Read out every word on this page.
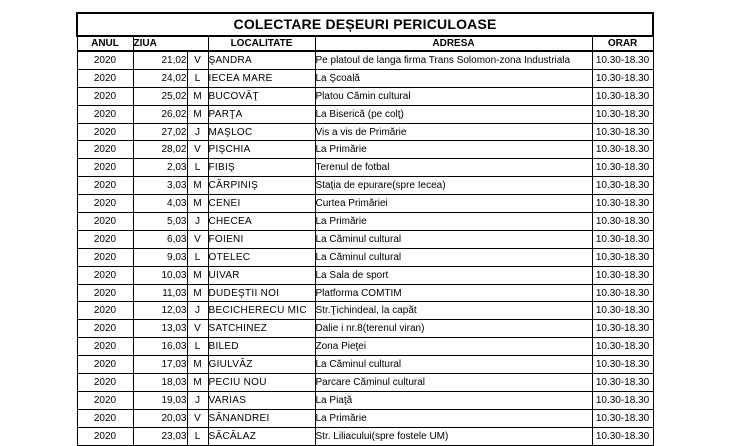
COLECTARE DEȘEURI PERICULOASE					
ANUL	ZIUA		LOCALITATE	ADRESA	ORAR
2020	21,02	V	ŞANDRA	Pe platoul de langa firma Trans Solomon-zona Industriala	10.30-18.30
2020	24,02	L	IECEA MARE	La Şcoală	10.30-18.30
2020	25,02	M	BUCOVĂŢ	Platou Cămin cultural	10.30-18.30
2020	26,02	M	PARŢA	La Biserică (pe colţ)	10.30-18.30
2020	27,02	J	MAŞLOC	Vis a vis de Primărie	10.30-18.30
2020	28,02	V	PIŞCHIA	La Primărie	10.30-18.30
2020	2,03	L	FIBIŞ	Terenul de fotbal	10.30-18.30
2020	3,03	M	CĂRPINIŞ	Staţia de epurare(spre Iecea)	10.30-18.30
2020	4,03	M	CENEI	Curtea Primăriei	10.30-18.30
2020	5,03	J	CHECEA	La Primărie	10.30-18.30
2020	6,03	V	FOIENI	La Căminul cultural	10.30-18.30
2020	9,03	L	OTELEC	La Căminul cultural	10.30-18.30
2020	10,03	M	UIVAR	La Sala de sport	10.30-18.30
2020	11,03	M	DUDEŞTII NOI	Platforma COMTIM	10.30-18.30
2020	12,03	J	BECICHERECU MIC	Str.Ţichindeal, la capăt	10.30-18.30
2020	13,03	V	SATCHINEZ	Dalie i nr.8(terenul viran)	10.30-18.30
2020	16,03	L	BILED	Zona Pieţei	10.30-18.30
2020	17,03	M	GIULVĂZ	La Căminul cultural	10.30-18.30
2020	18,03	M	PECIU NOU	Parcare Căminul cultural	10.30-18.30
2020	19,03	J	VARIAS	La Piaţă	10.30-18.30
2020	20,03	V	SÂNANDREI	La Primărie	10.30-18.30
2020	23,03	L	SĂCĂLAZ	Str. Liliacului(spre fostele UM)	10.30-18.30
